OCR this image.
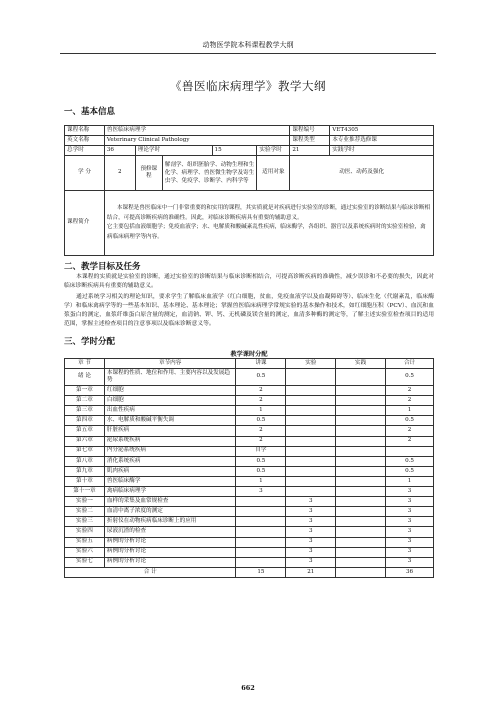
动物医学院本科课程教学大纲
《兽医临床病理学》教学大纲
一、基本信息
课程名称	兽医临床病理学					课程编号	VET4305
英文名称	Veterinary Clinical Pathology					课程类型	本专业推荐选修课
总学时	36	理论学时		15	实验学时	21	实践学时
学 分	2	预修课程	解剖学、组织胚胎学、动物生理和生化学、病理学、兽医微生物学及寄生虫学、免疫学、诊断学、内科学等		适用对象	动医、动药及强化	
课程简介	本课程是兽医临床中一门非常重要的和实用的课程，其实质就是对疾病进行实验室的诊断，通过实验室的诊断结果与临床诊断相结合，可提高诊断疾病的准确性。因此，对临床诊断疾病具有重要的辅助意义。
它主要包括血液细胞学；免疫血液学；水、电解质和酸碱紊乱性疾病，临床酶学，各组织、器官以及系统疾病时的实验室检验，禽病临床病理学等内容。						
二、教学目标及任务

本课程的实质就是实验室的诊断，通过实验室的诊断结果与临床诊断相结合，可提高诊断疾病的准确性，减少误诊和不必要的损失，因此对临床诊断疾病具有重要的辅助意义。

通过系统学习相关的理论知识，要求学生了解临床血液学（红白细胞，贫血，免疫血液学以及血凝障碍等）、临床生化（代谢紊乱，临床酶学）和临床禽病学等的一些基本知识、基本理论、基本理论；掌握兽医临床病理学常规实验的基本操作和技术，如红细胞压积（PCV）、血沉和血浆蛋白的测定，血浆纤维蛋白原含量的测定，血清钠、钾、钙、无机磷及镁含量的测定，血清多种酶的测定等，了解主述实验室检查项目的适用范围，掌握主述检查项目的注意事项以及临床诊断意义等。

三、学时分配
教学课时分配
章 节	章节内容	讲课	实验	实践	合计
绪 论	本课程的性质、地位和作用、主要内容以及发展趋势	0.5			0.5
第一章	红细胞	2			2
第二章	白细胞	2			2
第三章	出血性疾病	1			1
第四章	水、电解质和酸碱平衡失调	0.5			0.5
第五章	肝脏疾病	2			2
第六章	泌尿系统疾病	2			2
第七章	内分泌系统疾病	自学			
第八章	消化系统疾病	0.5			0.5
第九章	肌肉疾病	0.5			0.5
第十章	兽医临床酶学	1			1
第十一章	禽病临床病理学	3			3
实验一	血样的采集及血常规检查		3		3
实验二	血清中离子浓度的测定		3		3
实验三	折射仪在动物疾病临床诊断上的应用		3		3
实验四	尿液沉渣的检查		3		3
实验五	病例的分析讨论		3		3
实验六	病例的分析讨论		3		3
实验七	病例的分析讨论		3		3
合 计		15	21		36
662
